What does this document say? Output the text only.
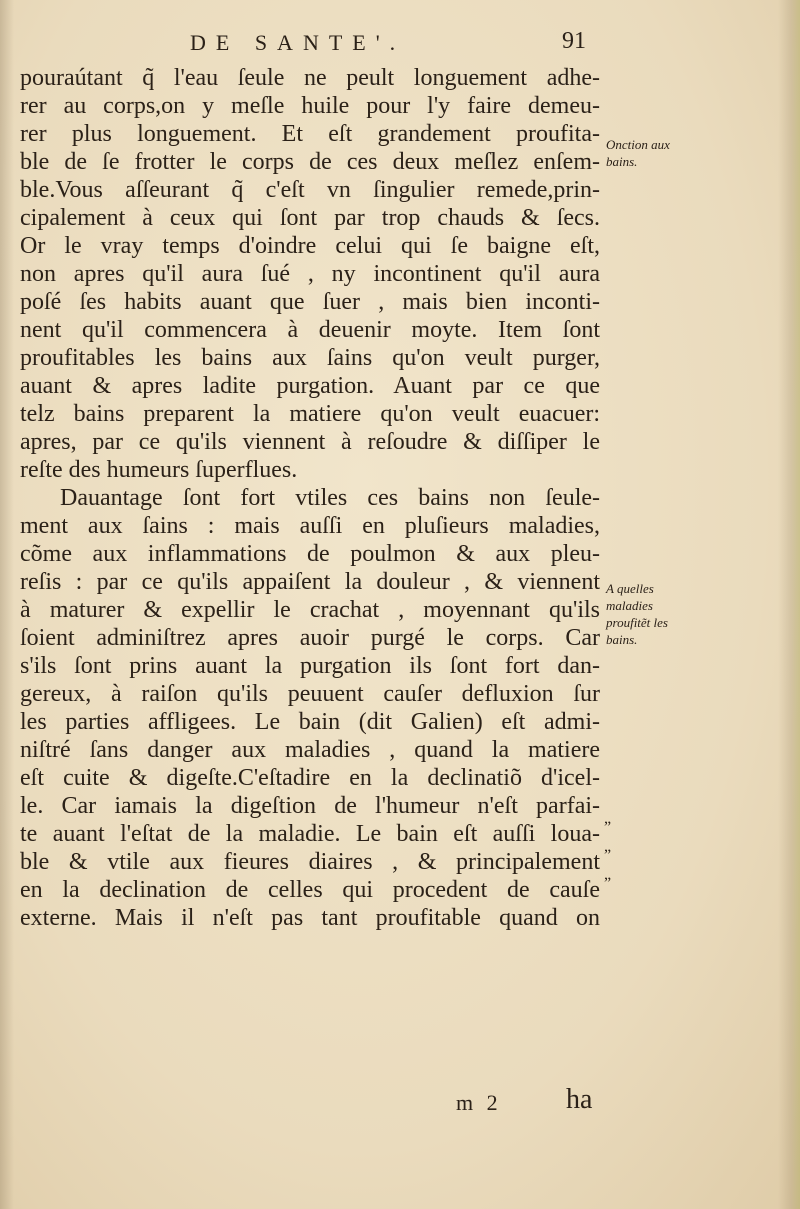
DE SANTE'.	91
pouraútant q̃ l'eau ſeule ne peult longuement adhe-
rer au corps,on y meſle huile pour l'y faire demeu-
rer plus longuement. Et eſt grandement proufita-
ble de ſe frotter le corps de ces deux meſlez enſem-
ble.Vous aſſeurant q̃ c'eſt vn ſingulier remede,prin-
cipalement à ceux qui ſont par trop chauds & ſecs.
Or le vray temps d'oindre celui qui ſe baigne eſt,
non apres qu'il aura ſué , ny incontinent qu'il aura
poſé ſes habits auant que ſuer , mais bien inconti-
nent qu'il commencera à deuenir moyte. Item ſont
proufitables les bains aux ſains qu'on veult purger,
auant & apres ladite purgation. Auant par ce que
telz bains preparent la matiere qu'on veult euacuer:
apres, par ce qu'ils viennent à reſoudre & diſſiper le
reſte des humeurs ſuperflues.
Dauantage ſont fort vtiles ces bains non ſeule-
ment aux ſains : mais auſſi en pluſieurs maladies,
cõme aux inflammations de poulmon & aux pleu-
reſis : par ce qu'ils appaiſent la douleur , & viennent
à maturer & expellir le crachat , moyennant qu'ils
ſoient adminiſtrez apres auoir purgé le corps. Car
s'ils ſont prins auant la purgation ils ſont fort dan-
gereux, à raiſon qu'ils peuuent cauſer defluxion ſur
les parties affligees. Le bain (dit Galien) eſt admi-
niſtré ſans danger aux maladies , quand la matiere
eſt cuite & digeſte.C'eſtadire en la declinatiõ d'icel-
le. Car iamais la digeſtion de l'humeur n'eſt parfai-
te auant l'eſtat de la maladie. Le bain eſt auſſi loua-
ble & vtile aux fieures diaires , & principalement
en la declination de celles qui procedent de cauſe
externe. Mais il n'eſt pas tant proufitable quand on
Onction aux
bains.
A quelles
maladies
proufitẽt les
bains.
„
„
„
m 2 ha
